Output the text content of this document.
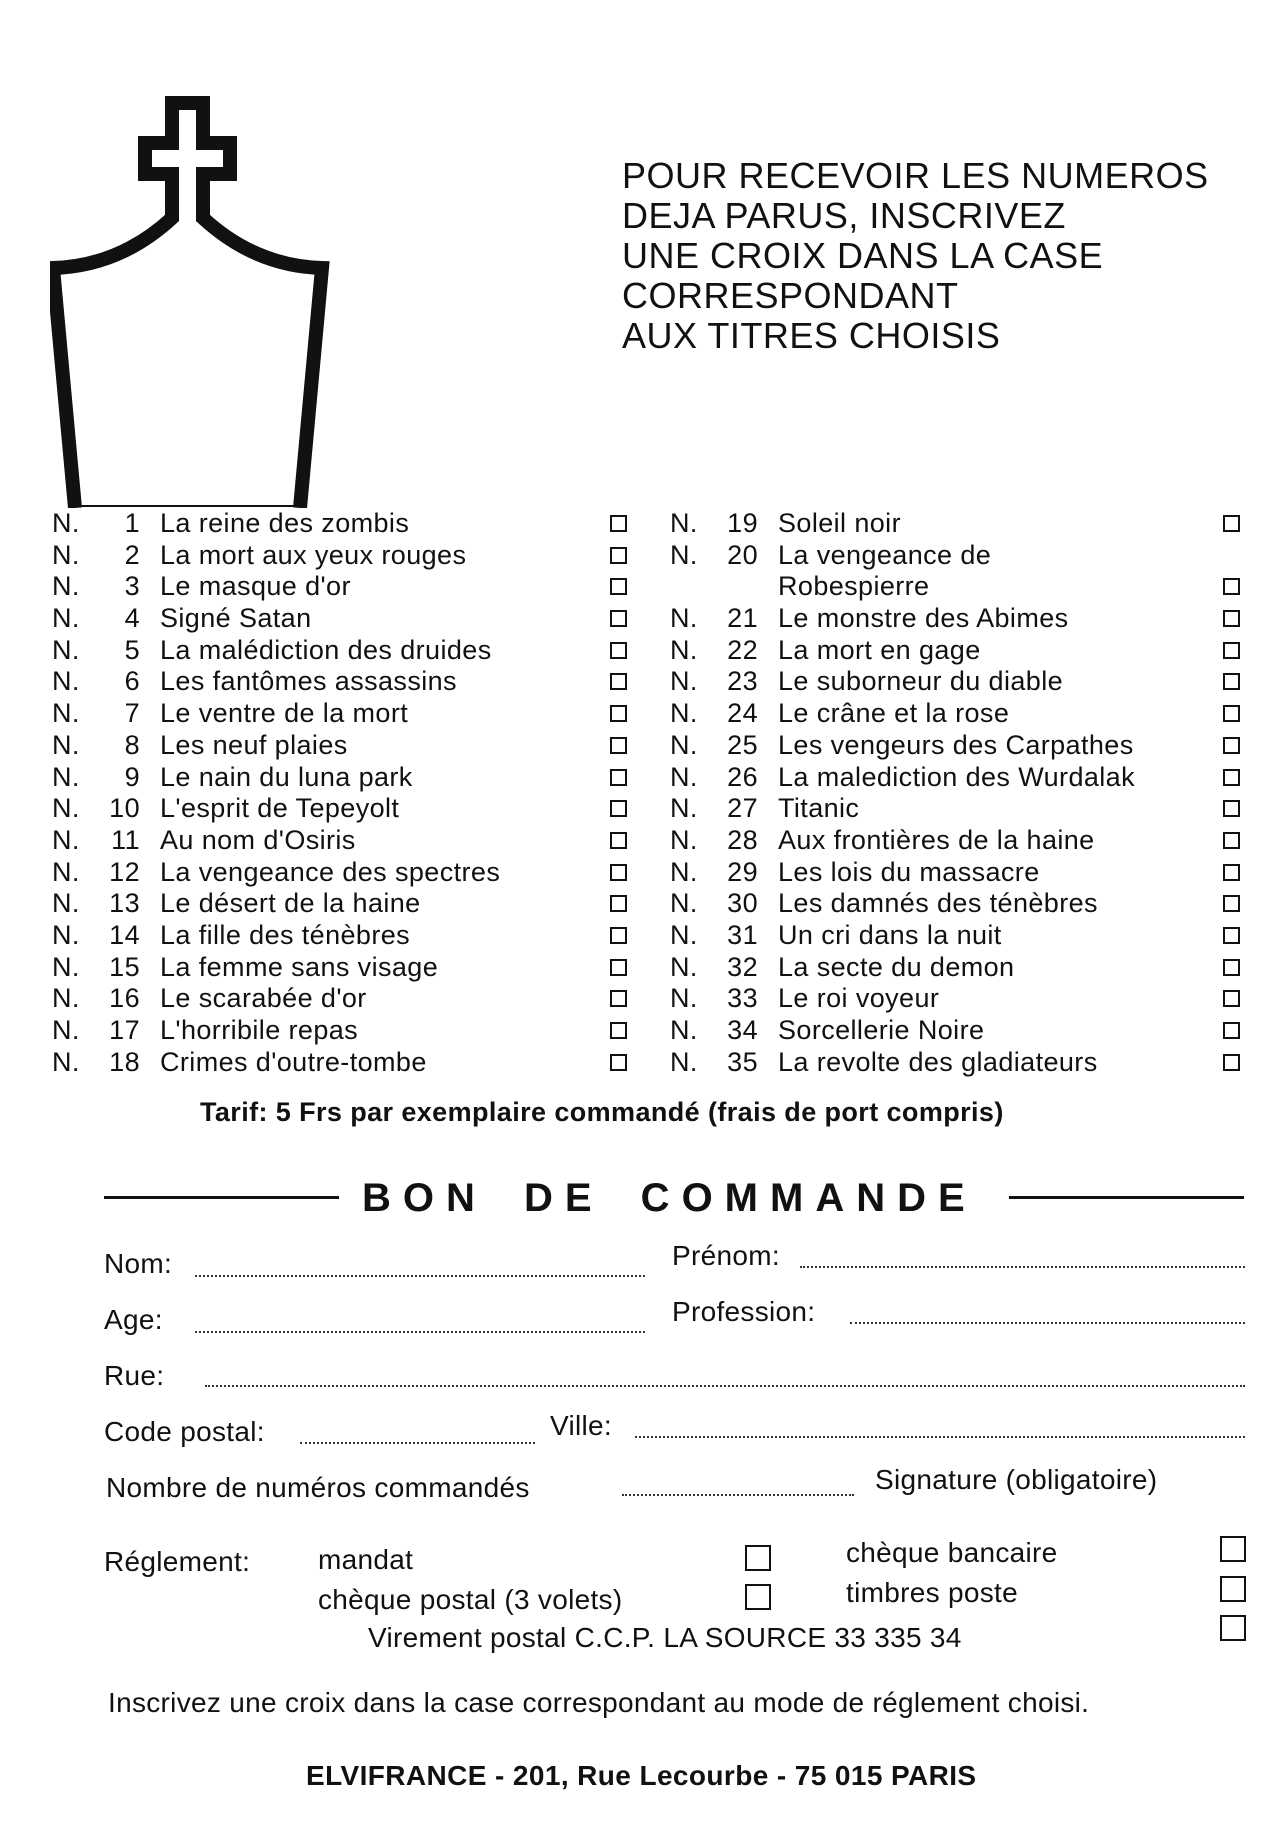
POUR RECEVOIR LES NUMEROS
DEJA PARUS, INSCRIVEZ
UNE CROIX DANS LA CASE
CORRESPONDANT
AUX TITRES CHOISIS
N.	1 La reine des zombis
N.	2 La mort aux yeux rouges
N.	3 Le masque d'or
N.	4 Signé Satan
N.	5 La malédiction des druides
N.	6 Les fantômes assassins
N.	7 Le ventre de la mort
N.	8 Les neuf plaies
N.	9 Le nain du luna park
N.	10 L'esprit de Tepeyolt
N.	11 Au nom d'Osiris
N.	12 La vengeance des spectres
N.	13 Le désert de la haine
N.	14 La fille des ténèbres
N.	15 La femme sans visage
N.	16 Le scarabée d'or
N.	17 L'horribile repas
N.	18 Crimes d'outre-tombe
N.	19 Soleil noir
N.	20 La vengeance de
Robespierre
N.	21 Le monstre des Abimes
N.	22 La mort en gage
N.	23 Le suborneur du diable
N.	24 Le crâne et la rose
N.	25 Les vengeurs des Carpathes
N.	26 La malediction des Wurdalak
N.	27 Titanic
N.	28 Aux frontières de la haine
N.	29 Les lois du massacre
N.	30 Les damnés des ténèbres
N.	31 Un cri dans la nuit
N.	32 La secte du demon
N.	33 Le roi voyeur
N.	34 Sorcellerie Noire
N.	35 La revolte des gladiateurs
Tarif: 5 Frs par exemplaire commandé (frais de port compris)
BON DE COMMANDE
Nom:	Prénom:
Age:	Profession:
Rue:
Code postal:	Ville:
Nombre de numéros commandés	Signature (obligatoire)
Réglement: mandat	chèque bancaire
chèque postal (3 volets)	timbres poste
Virement postal C.C.P. LA SOURCE 33 335 34
Inscrivez une croix dans la case correspondant au mode de réglement choisi.
ELVIFRANCE - 201, Rue Lecourbe - 75 015 PARIS
